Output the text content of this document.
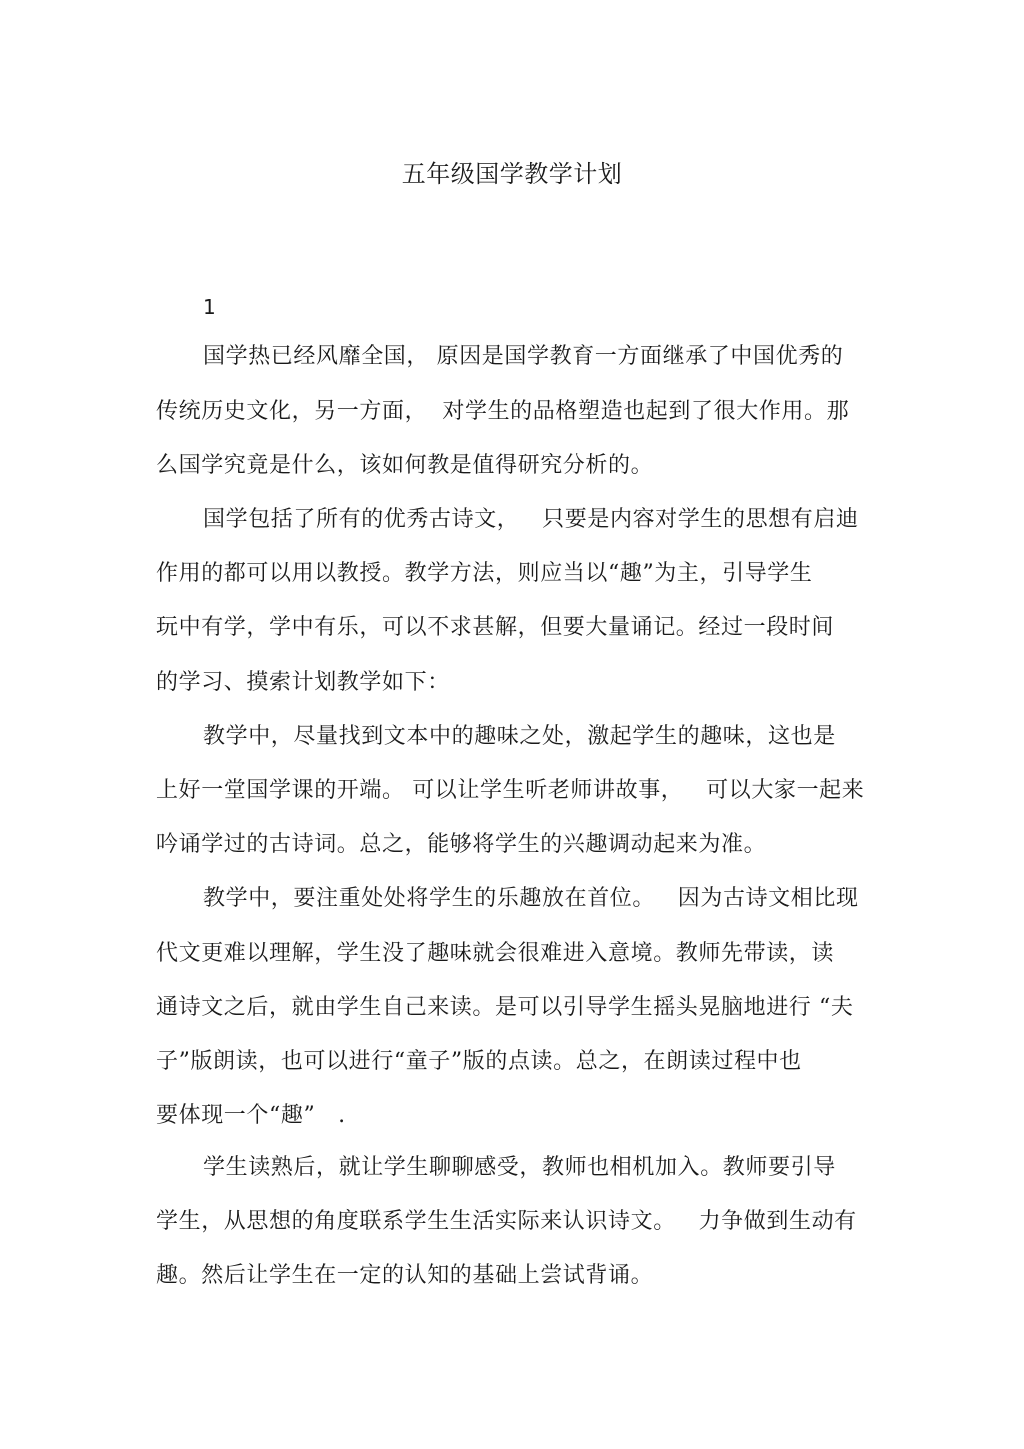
五年级国学教学计划
1
国学热已经风靡全国， 原因是国学教育一方面继承了中国优秀的
传统历史文化，另一方面，  对学生的品格塑造也起到了很大作用。那
么国学究竟是什么，该如何教是值得研究分析的。
国学包括了所有的优秀古诗文，   只要是内容对学生的思想有启迪
作用的都可以用以教授。教学方法，则应当以“趣”为主，引导学生
玩中有学，学中有乐，可以不求甚解，但要大量诵记。经过一段时间
的学习、摸索计划教学如下：
教学中，尽量找到文本中的趣味之处，激起学生的趣味，这也是
上好一堂国学课的开端。 可以让学生听老师讲故事，   可以大家一起来
吟诵学过的古诗词。总之，能够将学生的兴趣调动起来为准。
教学中，要注重处处将学生的乐趣放在首位。   因为古诗文相比现
代文更难以理解，学生没了趣味就会很难进入意境。教师先带读，读
通诗文之后，就由学生自己来读。是可以引导学生摇头晃脑地进行 “夫
子”版朗读，也可以进行“童子”版的点读。总之，在朗读过程中也
要体现一个“趣”   .
学生读熟后，就让学生聊聊感受，教师也相机加入。教师要引导
学生，从思想的角度联系学生生活实际来认识诗文。   力争做到生动有
趣。然后让学生在一定的认知的基础上尝试背诵。
